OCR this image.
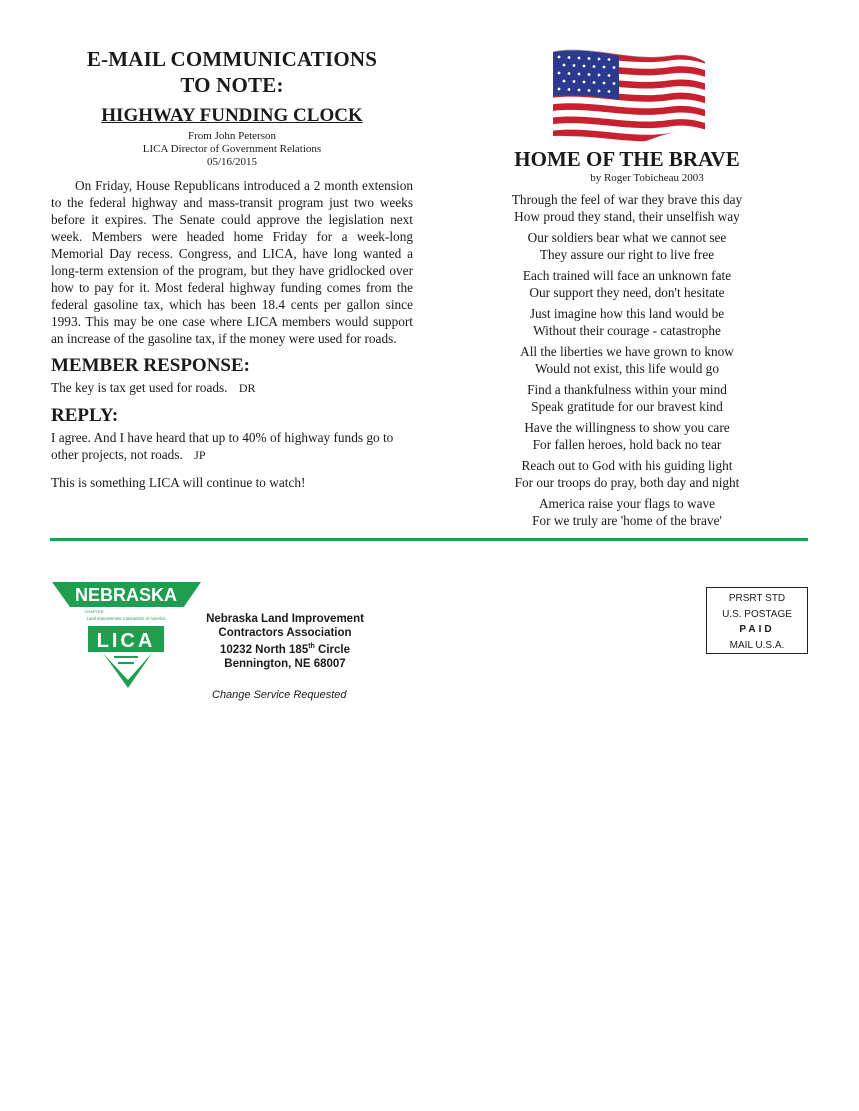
E-MAIL COMMUNICATIONS
TO NOTE:
HIGHWAY FUNDING CLOCK
From John Peterson
LICA Director of Government Relations
05/16/2015

On Friday, House Republicans introduced a 2 month extension to the federal highway and mass-transit program just two weeks before it expires. The Senate could approve the legislation next week. Members were headed home Friday for a week-long Memorial Day recess. Congress, and LICA, have long wanted a long-term extension of the program, but they have gridlocked over how to pay for it. Most federal highway funding comes from the federal gasoline tax, which has been 18.4 cents per gallon since 1993. This may be one case where LICA members would support an increase of the gasoline tax, if the money were used for roads.

MEMBER RESPONSE:

The key is tax get used for roads. DR

REPLY:

I agree. And I have heard that up to 40% of highway funds go to other projects, not roads. JP

This is something LICA will continue to watch!

HOME OF THE BRAVE
by Roger Tobicheau 2003
Through the feel of war they brave this day
How proud they stand, their unselfish way
Our soldiers bear what we cannot see
They assure our right to live free
Each trained will face an unknown fate
Our support they need, don't hesitate
Just imagine how this land would be
Without their courage - catastrophe
All the liberties we have grown to know
Would not exist, this life would go
Find a thankfulness within your mind
Speak gratitude for our bravest kind
Have the willingness to show you care
For fallen heroes, hold back no tear
Reach out to God with his guiding light
For our troops do pray, both day and night
America raise your flags to wave
For we truly are 'home of the brave'
NEBRASKA
CHAPTER
Land Improvement Contractors of America
LICA
Nebraska Land Improvement
Contractors Association
10232 North 185th Circle
Bennington, NE 68007
Change Service Requested
PRSRT STD
U.S. POSTAGE
PAID
MAIL U.S.A.
